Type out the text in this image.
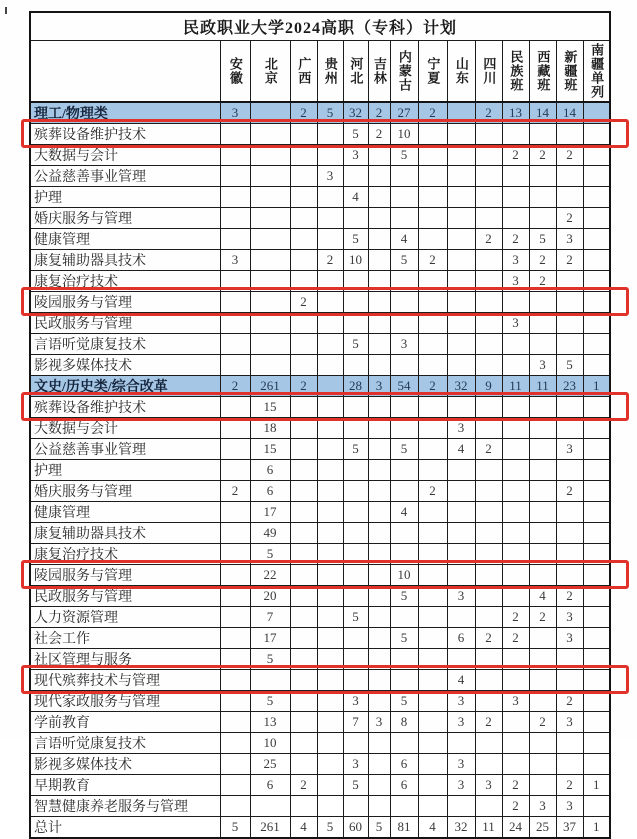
民政职业大学2024高职（专科）计划														

	安徽	北京	广西	贵州	河北	吉林	内蒙古	宁夏	山东	四川	民族班	西藏班	新疆班	南疆单列

理工/物理类	3		2	5	32	2	27	2		2	13	14	14	
殡葬设备维护技术					5	2	10							
大数据与会计					3		5				2	2	2	
公益慈善事业管理				3										
护理					4									
婚庆服务与管理													2	
健康管理					5		4			2	2	5	3	
康复辅助器具技术	3			2	10		5	2			3	2	2	
康复治疗技术											3	2		
陵园服务与管理			2											
民政服务与管理											3			
言语听觉康复技术					5		3							
影视多媒体技术												3	5	
文史/历史类/综合改革	2	261	2		28	3	54	2	32	9	11	11	23	1
殡葬设备维护技术		15												
大数据与会计		18							3					
公益慈善事业管理		15			5		5		4	2			3	
护理		6												
婚庆服务与管理	2	6						2					2	
健康管理		17					4							
康复辅助器具技术		49												
康复治疗技术		5												
陵园服务与管理		22					10							
民政服务与管理		20					5		3			4	2	
人力资源管理		7			5						2	2	3	
社会工作		17					5		6	2	2		3	
社区管理与服务		5												
现代殡葬技术与管理									4					
现代家政服务与管理		5			3		5		3		3		2	
学前教育		13			7	3	8		3	2		2	3	
言语听觉康复技术		10												
影视多媒体技术		25			3		6		3					
早期教育		6	2		5		6		3	3	2		2	1
智慧健康养老服务与管理											2	3	3	
总计	5	261	4	5	60	5	81	4	32	11	24	25	37	1
